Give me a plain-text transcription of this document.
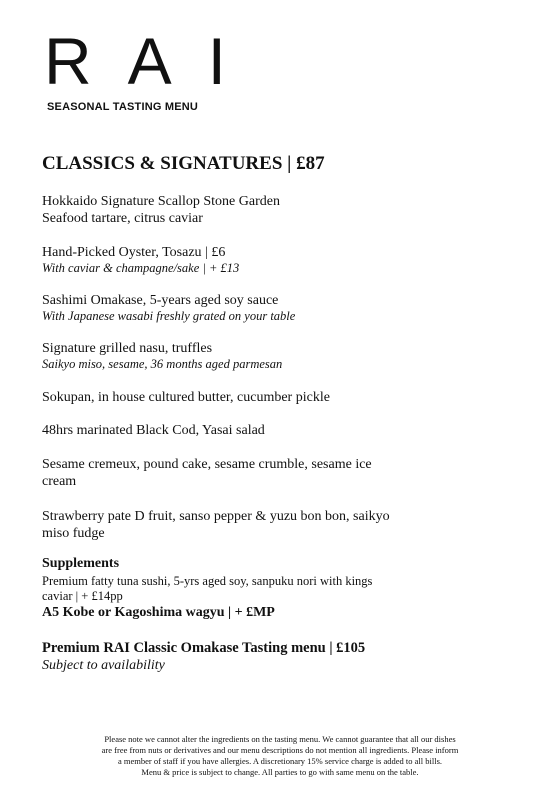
RAI
SEASONAL TASTING MENU
CLASSICS & SIGNATURES | £87
Hokkaido Signature Scallop Stone Garden
Seafood tartare, citrus caviar
Hand-Picked Oyster, Tosazu | £6
With caviar & champagne/sake | + £13
Sashimi Omakase, 5-years aged soy sauce
With Japanese wasabi freshly grated on your table
Signature grilled nasu, truffles
Saikyo miso, sesame, 36 months aged parmesan
Sokupan, in house cultured butter, cucumber pickle
48hrs marinated Black Cod, Yasai salad
Sesame cremeux, pound cake, sesame crumble, sesame ice cream
Strawberry pate D fruit, sanso pepper & yuzu bon bon, saikyo miso fudge
Supplements
Premium fatty tuna sushi, 5-yrs aged soy, sanpuku nori with kings caviar | + £14pp
A5 Kobe or Kagoshima wagyu | + £MP
Premium RAI Classic Omakase Tasting menu | £105
Subject to availability
Please note we cannot alter the ingredients on the tasting menu. We cannot guarantee that all our dishes
are free from nuts or derivatives and our menu descriptions do not mention all ingredients. Please inform
a member of staff if you have allergies. A discretionary 15% service charge is added to all bills.
Menu & price is subject to change. All parties to go with same menu on the table.
